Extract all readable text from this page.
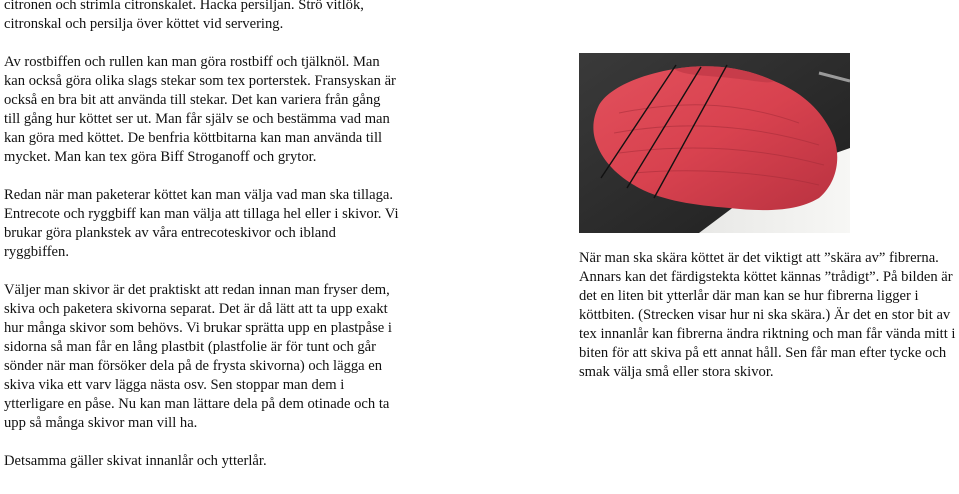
citronen och strimla citronskalet. Hacka persiljan. Strö vitlök, citronskal och persilja över köttet vid servering.

Av rostbiffen och rullen kan man göra rostbiff och tjälknöl. Man kan också göra olika slags stekar som tex porterstek. Fransyskan är också en bra bit att använda till stekar. Det kan variera från gång till gång hur köttet ser ut. Man får själv se och bestämma vad man kan göra med köttet. De benfria köttbitarna kan man använda till mycket. Man kan tex göra Biff Stroganoff och grytor.

Redan när man paketerar köttet kan man välja vad man ska tillaga. Entrecote och ryggbiff kan man välja att tillaga hel eller i skivor. Vi brukar göra plankstek av våra entrecoteskivor och ibland ryggbiffen.

Väljer man skivor är det praktiskt att redan innan man fryser dem, skiva och paketera skivorna separat. Det är då lätt att ta upp exakt hur många skivor som behövs. Vi brukar sprätta upp en plastpåse i sidorna så man får en lång plastbit (plastfolie är för tunt och går sönder när man försöker dela på de frysta skivorna) och lägga en skiva vika ett varv lägga nästa osv. Sen stoppar man dem i ytterligare en påse. Nu kan man lättare dela på dem otinade och ta upp så många skivor man vill ha.

Detsamma gäller skivat innanlår och ytterlår.

När man ska skära köttet är det viktigt att ”skära av” fibrerna. Annars kan det färdigstekta köttet kännas ”trådigt”. På bilden är det en liten bit ytterlår där man kan se hur fibrerna ligger i köttbiten. (Strecken visar hur ni ska skära.) Är det en stor bit av tex innanlår kan fibrerna ändra riktning och man får vända mitt i biten för att skiva på ett annat håll. Sen får man efter tycke och smak välja små eller stora skivor.
